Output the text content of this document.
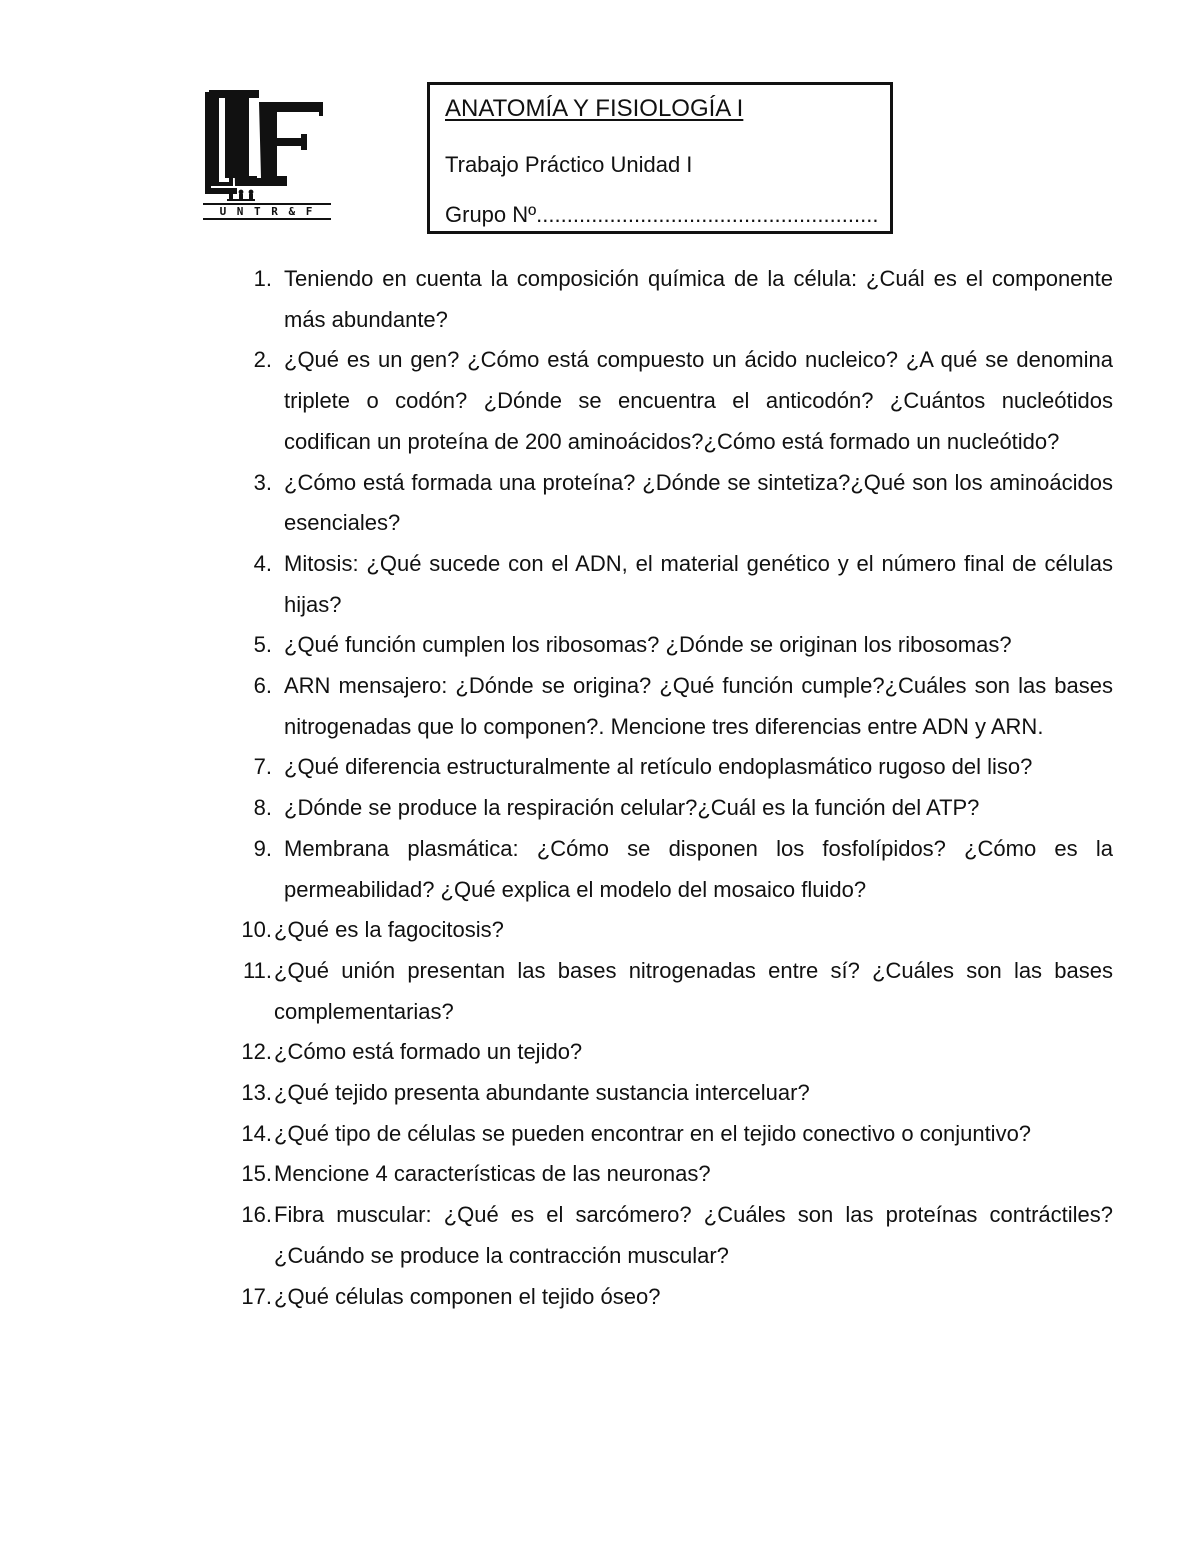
U N T R & F
ANATOMÍA Y FISIOLOGÍA I
Trabajo Práctico Unidad I
Grupo Nº........................................................
1. Teniendo en cuenta la composición química de la célula: ¿Cuál es el componente más abundante?
2. ¿Qué es un gen? ¿Cómo está compuesto un ácido nucleico? ¿A qué se denomina triplete o codón? ¿Dónde se encuentra el anticodón? ¿Cuántos nucleótidos codifican un proteína de 200 aminoácidos?¿Cómo está formado un nucleótido?
3. ¿Cómo está formada una proteína? ¿Dónde se sintetiza?¿Qué son los aminoácidos esenciales?
4. Mitosis: ¿Qué sucede con el ADN, el material genético y el número final de células hijas?
5. ¿Qué función cumplen los ribosomas? ¿Dónde se originan los ribosomas?
6. ARN mensajero: ¿Dónde se origina? ¿Qué función cumple?¿Cuáles son las bases nitrogenadas que lo componen?. Mencione tres diferencias entre ADN y ARN.
7. ¿Qué diferencia estructuralmente al retículo endoplasmático rugoso del liso?
8. ¿Dónde se produce la respiración celular?¿Cuál es la función del ATP?
9. Membrana plasmática: ¿Cómo se disponen los fosfolípidos? ¿Cómo es la permeabilidad? ¿Qué explica el modelo del mosaico fluido?
10. ¿Qué es la fagocitosis?
11. ¿Qué unión presentan las bases nitrogenadas entre sí? ¿Cuáles son las bases complementarias?
12. ¿Cómo está formado un tejido?
13. ¿Qué tejido presenta abundante sustancia interceluar?
14. ¿Qué tipo de células se pueden encontrar en el tejido conectivo o conjuntivo?
15. Mencione 4 características de las neuronas?
16. Fibra muscular: ¿Qué es el sarcómero? ¿Cuáles son las proteínas contráctiles?¿Cuándo se produce la contracción muscular?
17. ¿Qué células componen el tejido óseo?
